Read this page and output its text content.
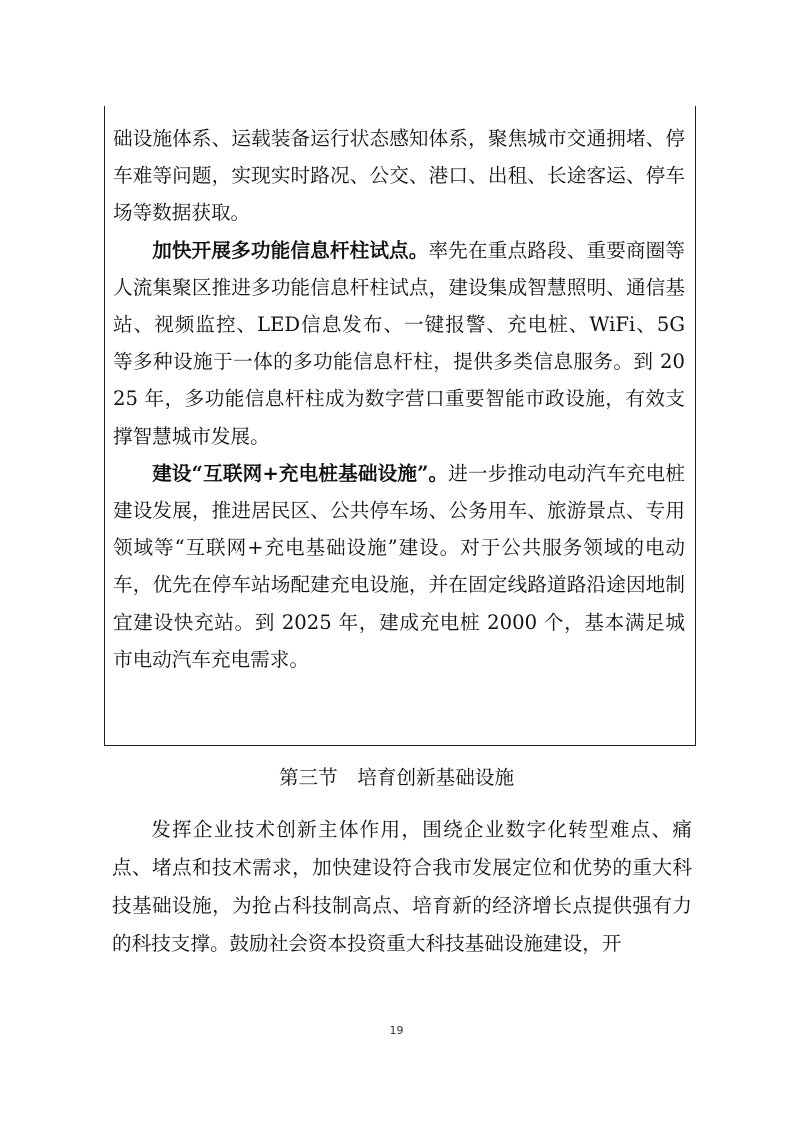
础设施体系、运载装备运行状态感知体系，聚焦城市交通拥堵、停车难等问题，实现实时路况、公交、港口、出租、长途客运、停车场等数据获取。

加快开展多功能信息杆柱试点。率先在重点路段、重要商圈等人流集聚区推进多功能信息杆柱试点，建设集成智慧照明、通信基站、视频监控、LED信息发布、一键报警、充电桩、WiFi、5G 等多种设施于一体的多功能信息杆柱，提供多类信息服务。到 2025 年，多功能信息杆柱成为数字营口重要智能市政设施，有效支撑智慧城市发展。

建设“互联网+充电桩基础设施”。进一步推动电动汽车充电桩建设发展，推进居民区、公共停车场、公务用车、旅游景点、专用领域等“互联网+充电基础设施”建设。对于公共服务领域的电动车，优先在停车站场配建充电设施，并在固定线路道路沿途因地制宜建设快充站。到 2025 年，建成充电桩 2000 个，基本满足城市电动汽车充电需求。

第三节　培育创新基础设施

发挥企业技术创新主体作用，围绕企业数字化转型难点、痛点、堵点和技术需求，加快建设符合我市发展定位和优势的重大科技基础设施，为抢占科技制高点、培育新的经济增长点提供强有力的科技支撑。鼓励社会资本投资重大科技基础设施建设，开

19
